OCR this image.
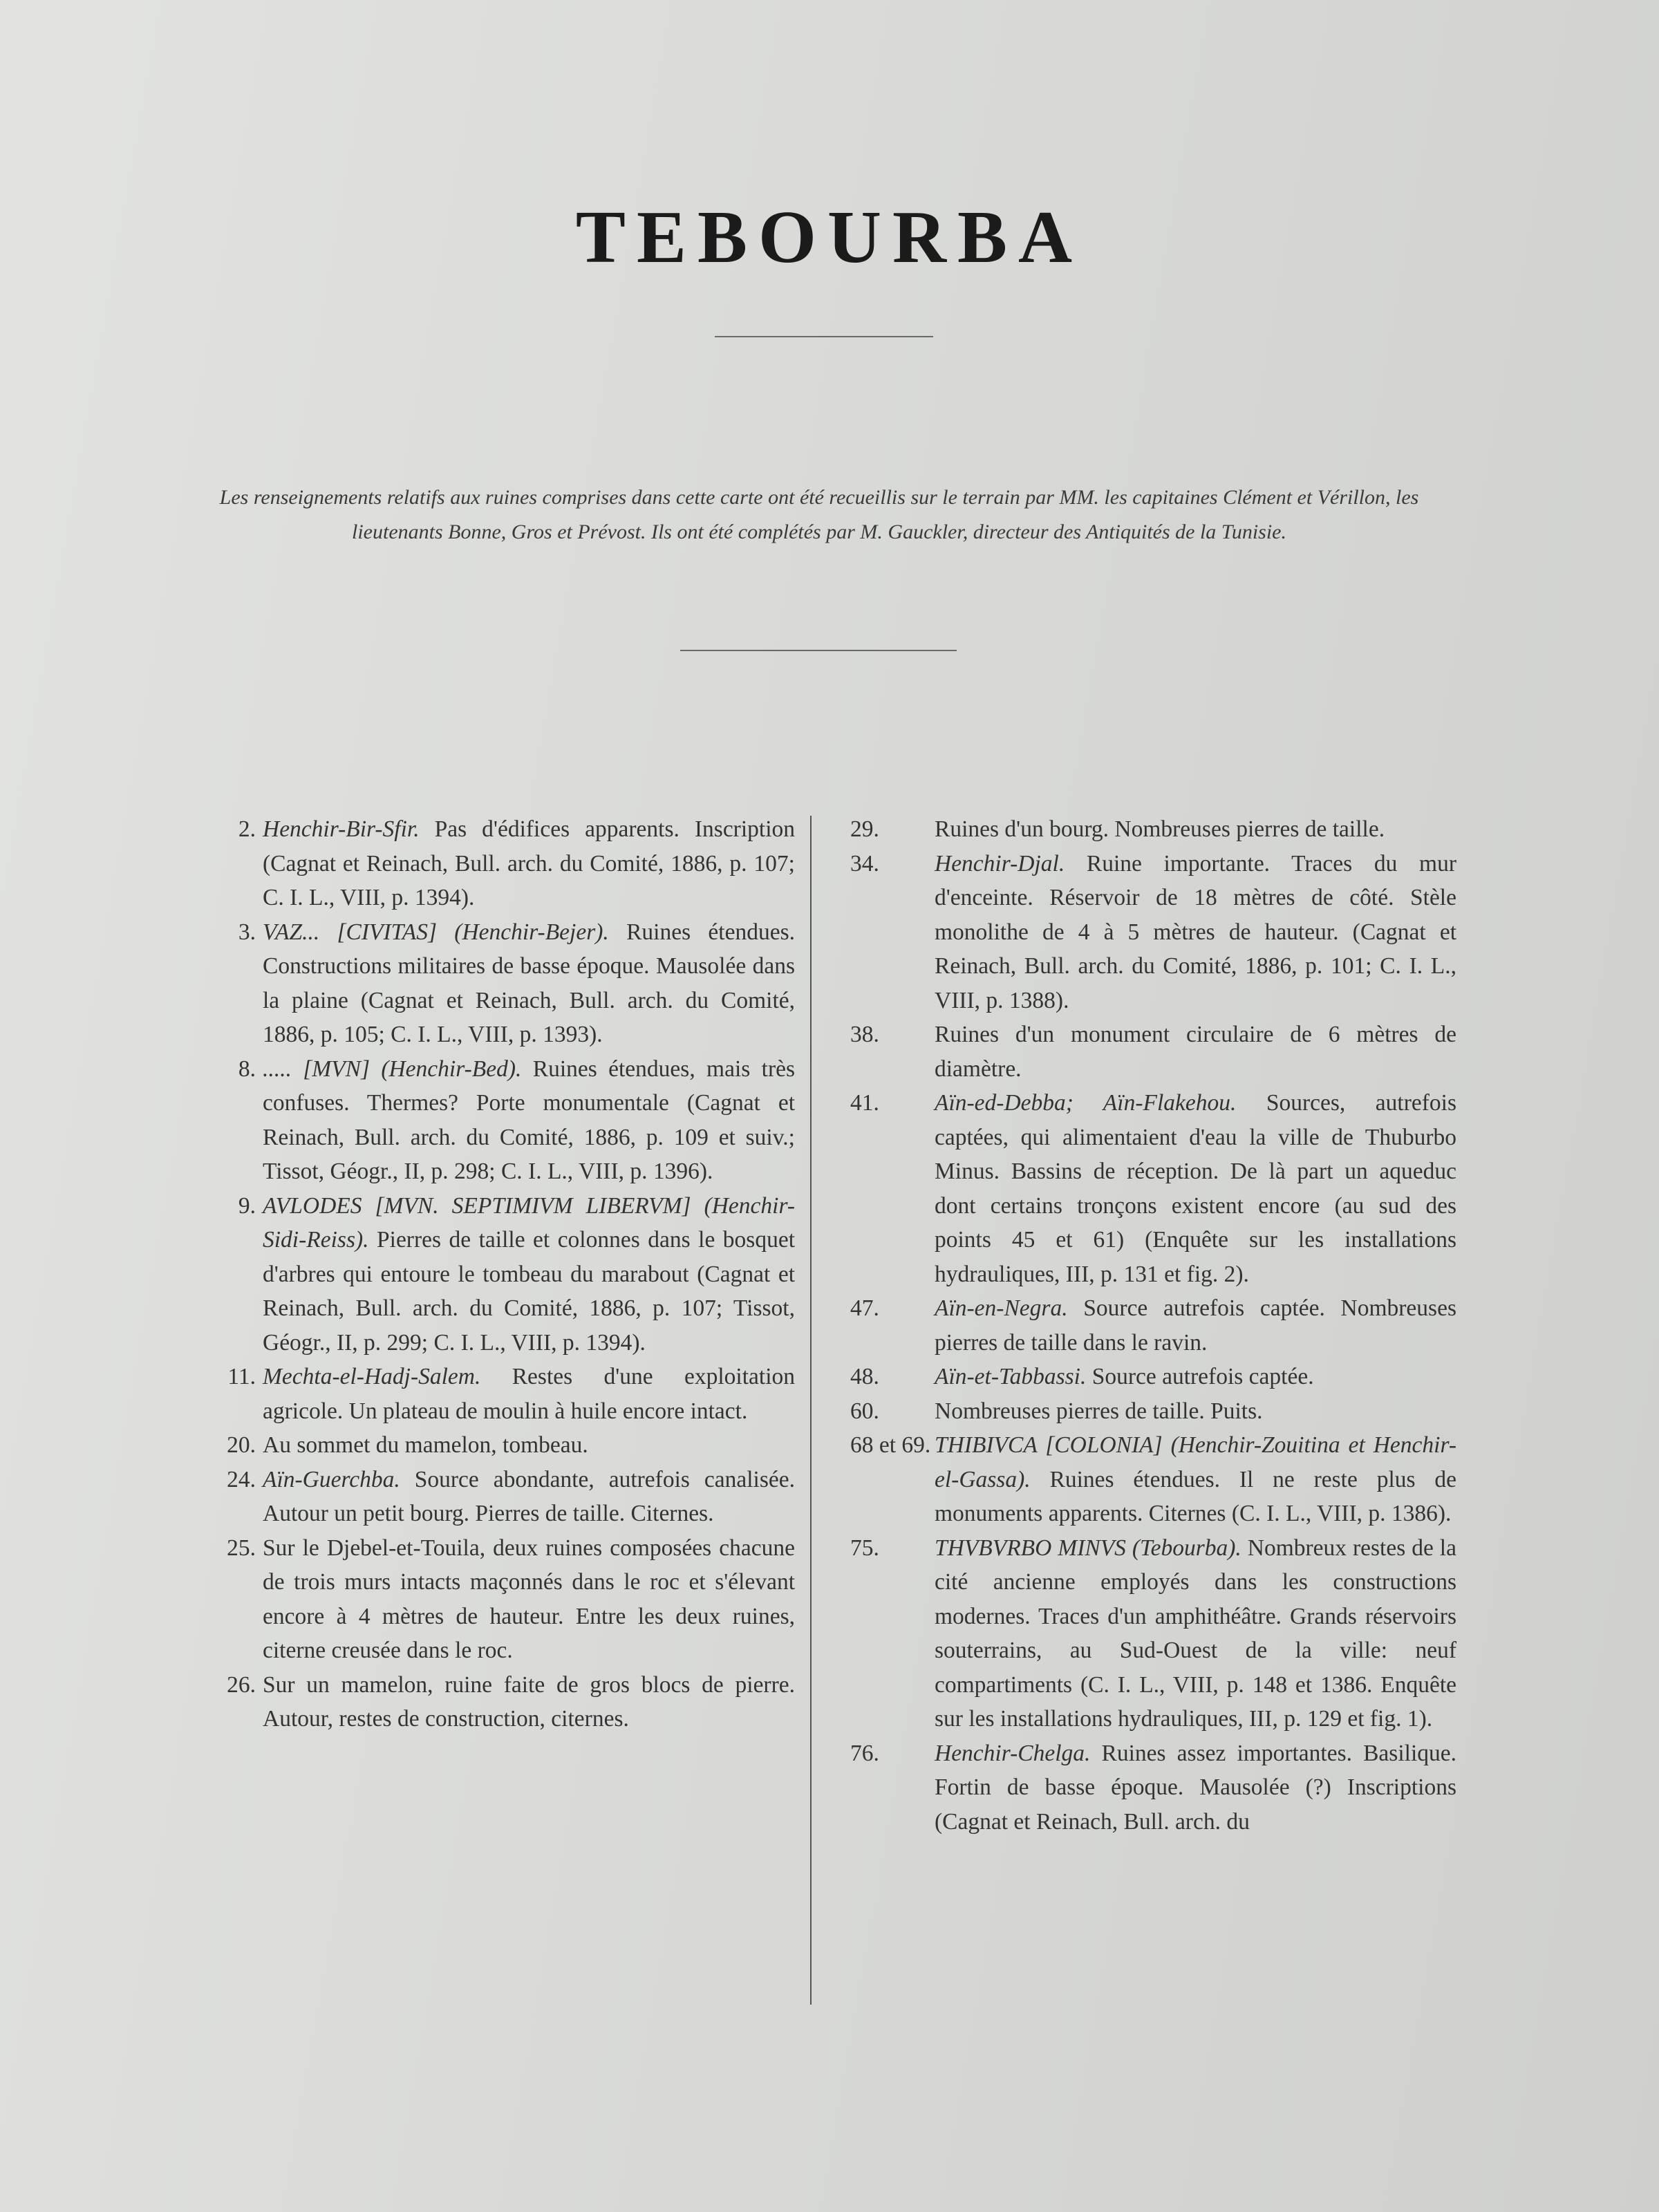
TEBOURBA

Les renseignements relatifs aux ruines comprises dans cette carte ont été recueillis sur le terrain par MM. les capitaines Clément et Vérillon, les lieutenants Bonne, Gros et Prévost. Ils ont été complétés par M. Gauckler, directeur des Antiquités de la Tunisie.

2. Henchir-Bir-Sfir. Pas d'édifices apparents. Inscription (Cagnat et Reinach, Bull. arch. du Comité, 1886, p. 107; C. I. L., VIII, p. 1394).

3. VAZ... [CIVITAS] (Henchir-Bejer). Ruines étendues. Constructions militaires de basse époque. Mausolée dans la plaine (Cagnat et Reinach, Bull. arch. du Comité, 1886, p. 105; C. I. L., VIII, p. 1393).

8. ..... [MVN] (Henchir-Bed). Ruines étendues, mais très confuses. Thermes? Porte monumentale (Cagnat et Reinach, Bull. arch. du Comité, 1886, p. 109 et suiv.; Tissot, Géogr., II, p. 298; C. I. L., VIII, p. 1396).

9. AVLODES [MVN. SEPTIMIVM LIBERVM] (Henchir-Sidi-Reiss). Pierres de taille et colonnes dans le bosquet d'arbres qui entoure le tombeau du marabout (Cagnat et Reinach, Bull. arch. du Comité, 1886, p. 107; Tissot, Géogr., II, p. 299; C. I. L., VIII, p. 1394).

11. Mechta-el-Hadj-Salem. Restes d'une exploitation agricole. Un plateau de moulin à huile encore intact.

20. Au sommet du mamelon, tombeau.

24. Aïn-Guerchba. Source abondante, autrefois canalisée. Autour un petit bourg. Pierres de taille. Citernes.

25. Sur le Djebel-et-Touila, deux ruines composées chacune de trois murs intacts maçonnés dans le roc et s'élevant encore à 4 mètres de hauteur. Entre les deux ruines, citerne creusée dans le roc.

26. Sur un mamelon, ruine faite de gros blocs de pierre. Autour, restes de construction, citernes.

29.	Ruines d'un bourg. Nombreuses pierres de taille.

34.	Henchir-Djal. Ruine importante. Traces du mur d'enceinte. Réservoir de 18 mètres de côté. Stèle monolithe de 4 à 5 mètres de hauteur. (Cagnat et Reinach, Bull. arch. du Comité, 1886, p. 101; C. I. L., VIII, p. 1388).

38.	Ruines d'un monument circulaire de 6 mètres de diamètre.

41.	Aïn-ed-Debba; Aïn-Flakehou. Sources, autrefois captées, qui alimentaient d'eau la ville de Thuburbo Minus. Bassins de réception. De là part un aqueduc dont certains tronçons existent encore (au sud des points 45 et 61) (Enquête sur les installations hydrauliques, III, p. 131 et fig. 2).

47.	Aïn-en-Negra. Source autrefois captée. Nombreuses pierres de taille dans le ravin.

48.	Aïn-et-Tabbassi. Source autrefois captée.

60.	Nombreuses pierres de taille. Puits.

68 et 69. THIBIVCA [COLONIA] (Henchir-Zouitina et Henchir-el-Gassa). Ruines étendues. Il ne reste plus de monuments apparents. Citernes (C. I. L., VIII, p. 1386).

75.	THVBVRBO MINVS (Tebourba). Nombreux restes de la cité ancienne employés dans les constructions modernes. Traces d'un amphithéâtre. Grands réservoirs souterrains, au Sud-Ouest de la ville: neuf compartiments (C. I. L., VIII, p. 148 et 1386. Enquête sur les installations hydrauliques, III, p. 129 et fig. 1).

76.	Henchir-Chelga. Ruines assez importantes. Basilique. Fortin de basse époque. Mausolée (?) Inscriptions (Cagnat et Reinach, Bull. arch. du
